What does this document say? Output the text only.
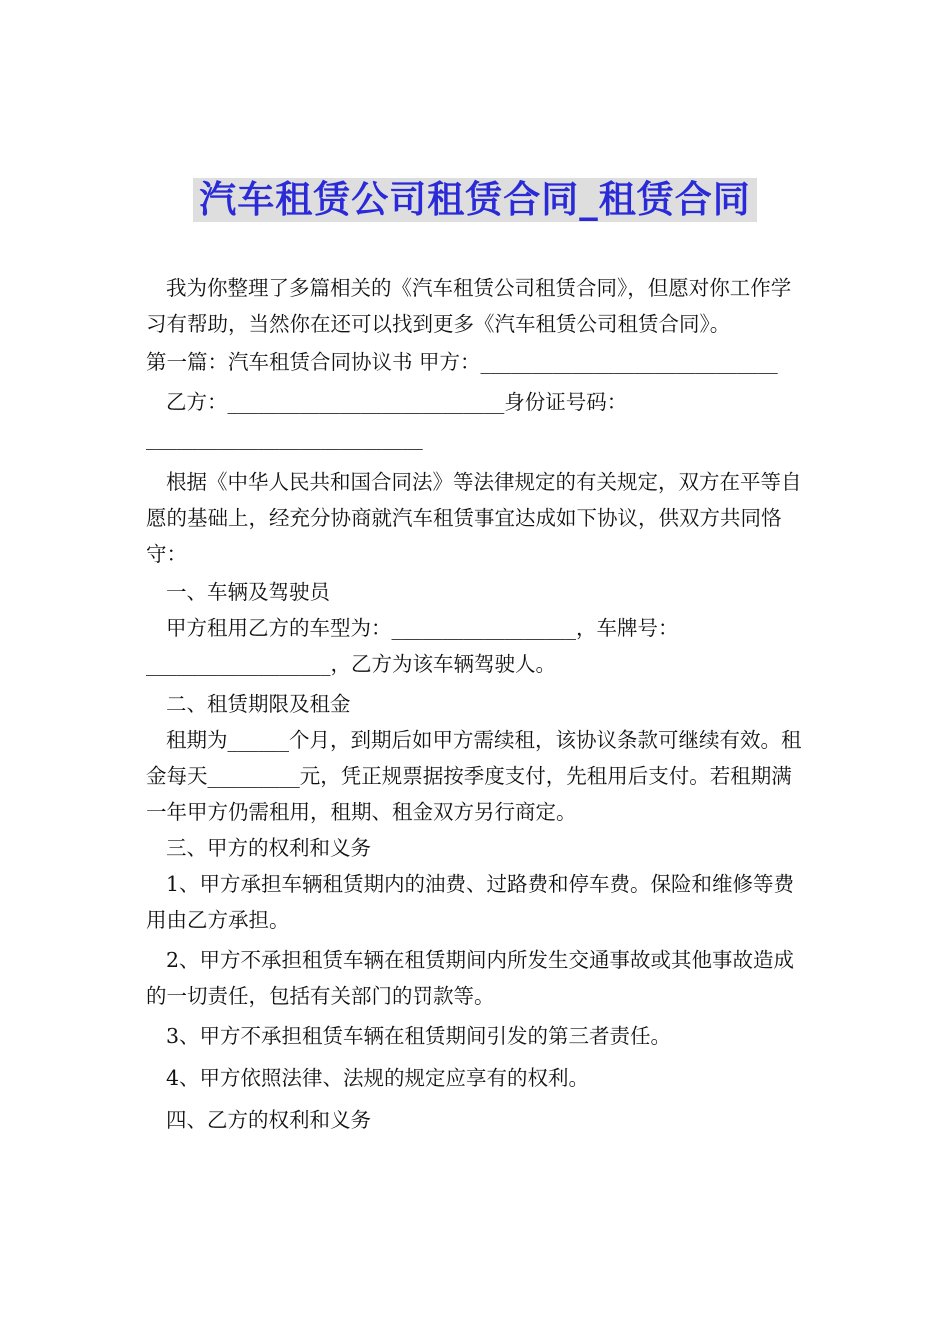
汽车租赁公司租赁合同_租赁合同

我为你整理了多篇相关的《汽车租赁公司租赁合同》，但愿对你工作学习有帮助，当然你在还可以找到更多《汽车租赁公司租赁合同》。

第一篇：汽车租赁合同协议书 甲方：_____________________________

乙方：___________________________身份证号码：___________________________

根据《中华人民共和国合同法》等法律规定的有关规定，双方在平等自愿的基础上，经充分协商就汽车租赁事宜达成如下协议，供双方共同恪守：

一、车辆及驾驶员

甲方租用乙方的车型为：__________________，车牌号：__________________，乙方为该车辆驾驶人。

二、租赁期限及租金

租期为______个月，到期后如甲方需续租，该协议条款可继续有效。租金每天_________元，凭正规票据按季度支付，先租用后支付。若租期满一年甲方仍需租用，租期、租金双方另行商定。

三、甲方的权利和义务

1、甲方承担车辆租赁期内的油费、过路费和停车费。保险和维修等费用由乙方承担。

2、甲方不承担租赁车辆在租赁期间内所发生交通事故或其他事故造成的一切责任，包括有关部门的罚款等。

3、甲方不承担租赁车辆在租赁期间引发的第三者责任。

4、甲方依照法律、法规的规定应享有的权利。

四、乙方的权利和义务
